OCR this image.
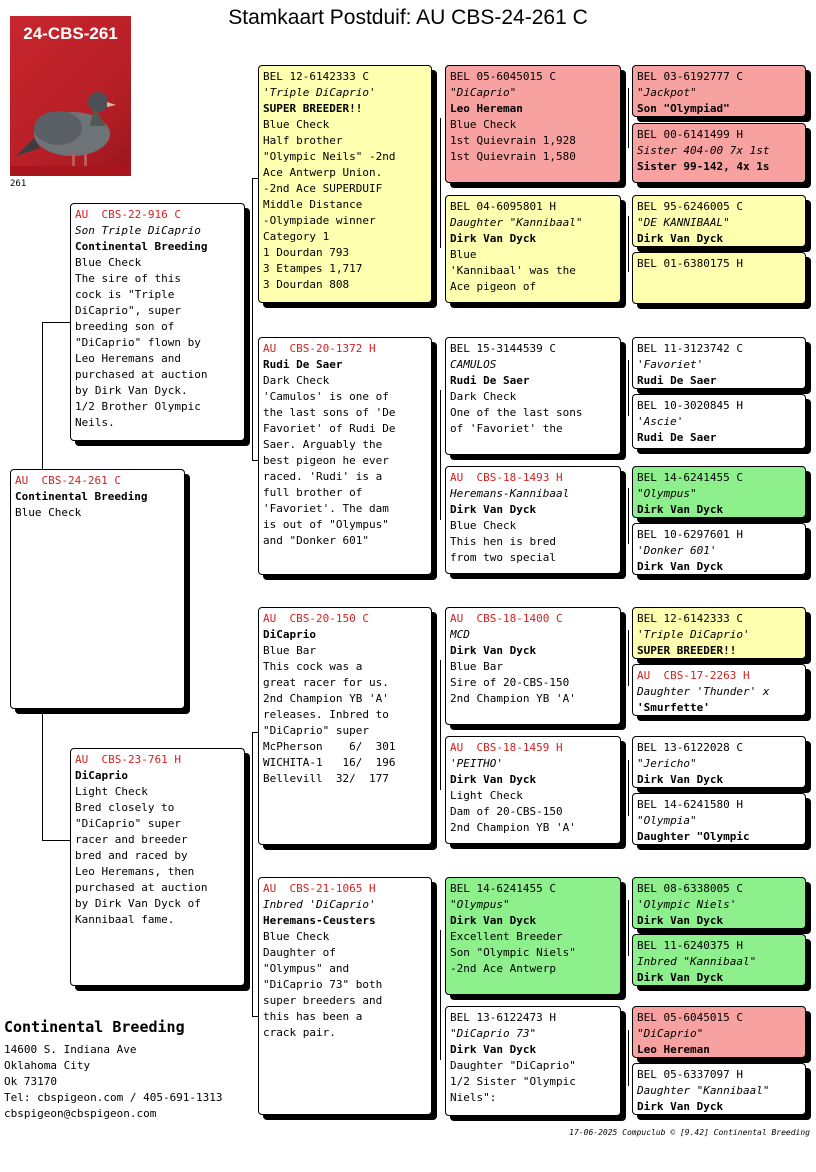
Stamkaart Postduif: AU CBS-24-261 C
24-CBS-261
261
AU  CBS-24-261 C
Continental Breeding
Blue Check
AU  CBS-22-916 C
Son Triple DiCaprio
Continental Breeding
Blue Check
The sire of this
cock is "Triple
DiCaprio", super
breeding son of
"DiCaprio" flown by
Leo Heremans and
purchased at auction
by Dirk Van Dyck.
1/2 Brother Olympic
Neils.
AU  CBS-23-761 H
DiCaprio
Light Check
Bred closely to
"DiCaprio" super
racer and breeder
bred and raced by
Leo Heremans, then
purchased at auction
by Dirk Van Dyck of
Kannibaal fame.
BEL 12-6142333 C
'Triple DiCaprio'
SUPER BREEDER!!
Blue Check
Half brother
"Olympic Neils" -2nd
Ace Antwerp Union.
-2nd Ace SUPERDUIF
Middle Distance
-Olympiade winner
Category 1
1 Dourdan 793
3 Etampes 1,717
3 Dourdan 808
AU  CBS-20-1372 H
Rudi De Saer
Dark Check
'Camulos' is one of
the last sons of 'De
Favoriet' of Rudi De
Saer. Arguably the
best pigeon he ever
raced. 'Rudi' is a
full brother of
'Favoriet'. The dam
is out of "Olympus"
and "Donker 601"
AU  CBS-20-150 C
DiCaprio
Blue Bar
This cock was a
great racer for us.
2nd Champion YB 'A'
releases. Inbred to
"DiCaprio" super
McPherson    6/  301
WICHITA-1   16/  196
Bellevill  32/  177
AU  CBS-21-1065 H
Inbred 'DiCaprio'
Heremans-Ceusters
Blue Check
Daughter of
"Olympus" and
"DiCaprio 73" both
super breeders and
this has been a
crack pair.
BEL 05-6045015 C
"DiCaprio"
Leo Hereman
Blue Check
1st Quievrain 1,928
1st Quievrain 1,580
BEL 04-6095801 H
Daughter "Kannibaal"
Dirk Van Dyck
Blue
'Kannibaal' was the
Ace pigeon of
BEL 15-3144539 C
CAMULOS
Rudi De Saer
Dark Check
One of the last sons
of 'Favoriet' the
AU  CBS-18-1493 H
Heremans-Kannibaal
Dirk Van Dyck
Blue Check
This hen is bred
from two special
AU  CBS-18-1400 C
MCD
Dirk Van Dyck
Blue Bar
Sire of 20-CBS-150
2nd Champion YB 'A'
AU  CBS-18-1459 H
'PEITHO'
Dirk Van Dyck
Light Check
Dam of 20-CBS-150
2nd Champion YB 'A'
BEL 14-6241455 C
"Olympus"
Dirk Van Dyck
Excellent Breeder
Son "Olympic Niels"
-2nd Ace Antwerp
BEL 13-6122473 H
"DiCaprio 73"
Dirk Van Dyck
Daughter "DiCaprio"
1/2 Sister "Olympic
Niels":
BEL 03-6192777 C
"Jackpot"
Son "Olympiad"
BEL 00-6141499 H
Sister 404-00 7x 1st
Sister 99-142, 4x 1s
BEL 95-6246005 C
"DE KANNIBAAL"
Dirk Van Dyck
BEL 01-6380175 H
BEL 11-3123742 C
'Favoriet'
Rudi De Saer
BEL 10-3020845 H
'Ascie'
Rudi De Saer
BEL 14-6241455 C
"Olympus"
Dirk Van Dyck
BEL 10-6297601 H
'Donker 601'
Dirk Van Dyck
BEL 12-6142333 C
'Triple DiCaprio'
SUPER BREEDER!!
AU  CBS-17-2263 H
Daughter 'Thunder' x
'Smurfette'
BEL 13-6122028 C
"Jericho"
Dirk Van Dyck
BEL 14-6241580 H
"Olympia"
Daughter "Olympic
BEL 08-6338005 C
'Olympic Niels'
Dirk Van Dyck
BEL 11-6240375 H
Inbred "Kannibaal"
Dirk Van Dyck
BEL 05-6045015 C
"DiCaprio"
Leo Hereman
BEL 05-6337097 H
Daughter "Kannibaal"
Dirk Van Dyck
Continental Breeding
14600 S. Indiana Ave
Oklahoma City
Ok 73170
Tel: cbspigeon.com / 405-691-1313
cbspigeon@cbspigeon.com
17-06-2025 Compuclub © [9.42] Continental Breeding
